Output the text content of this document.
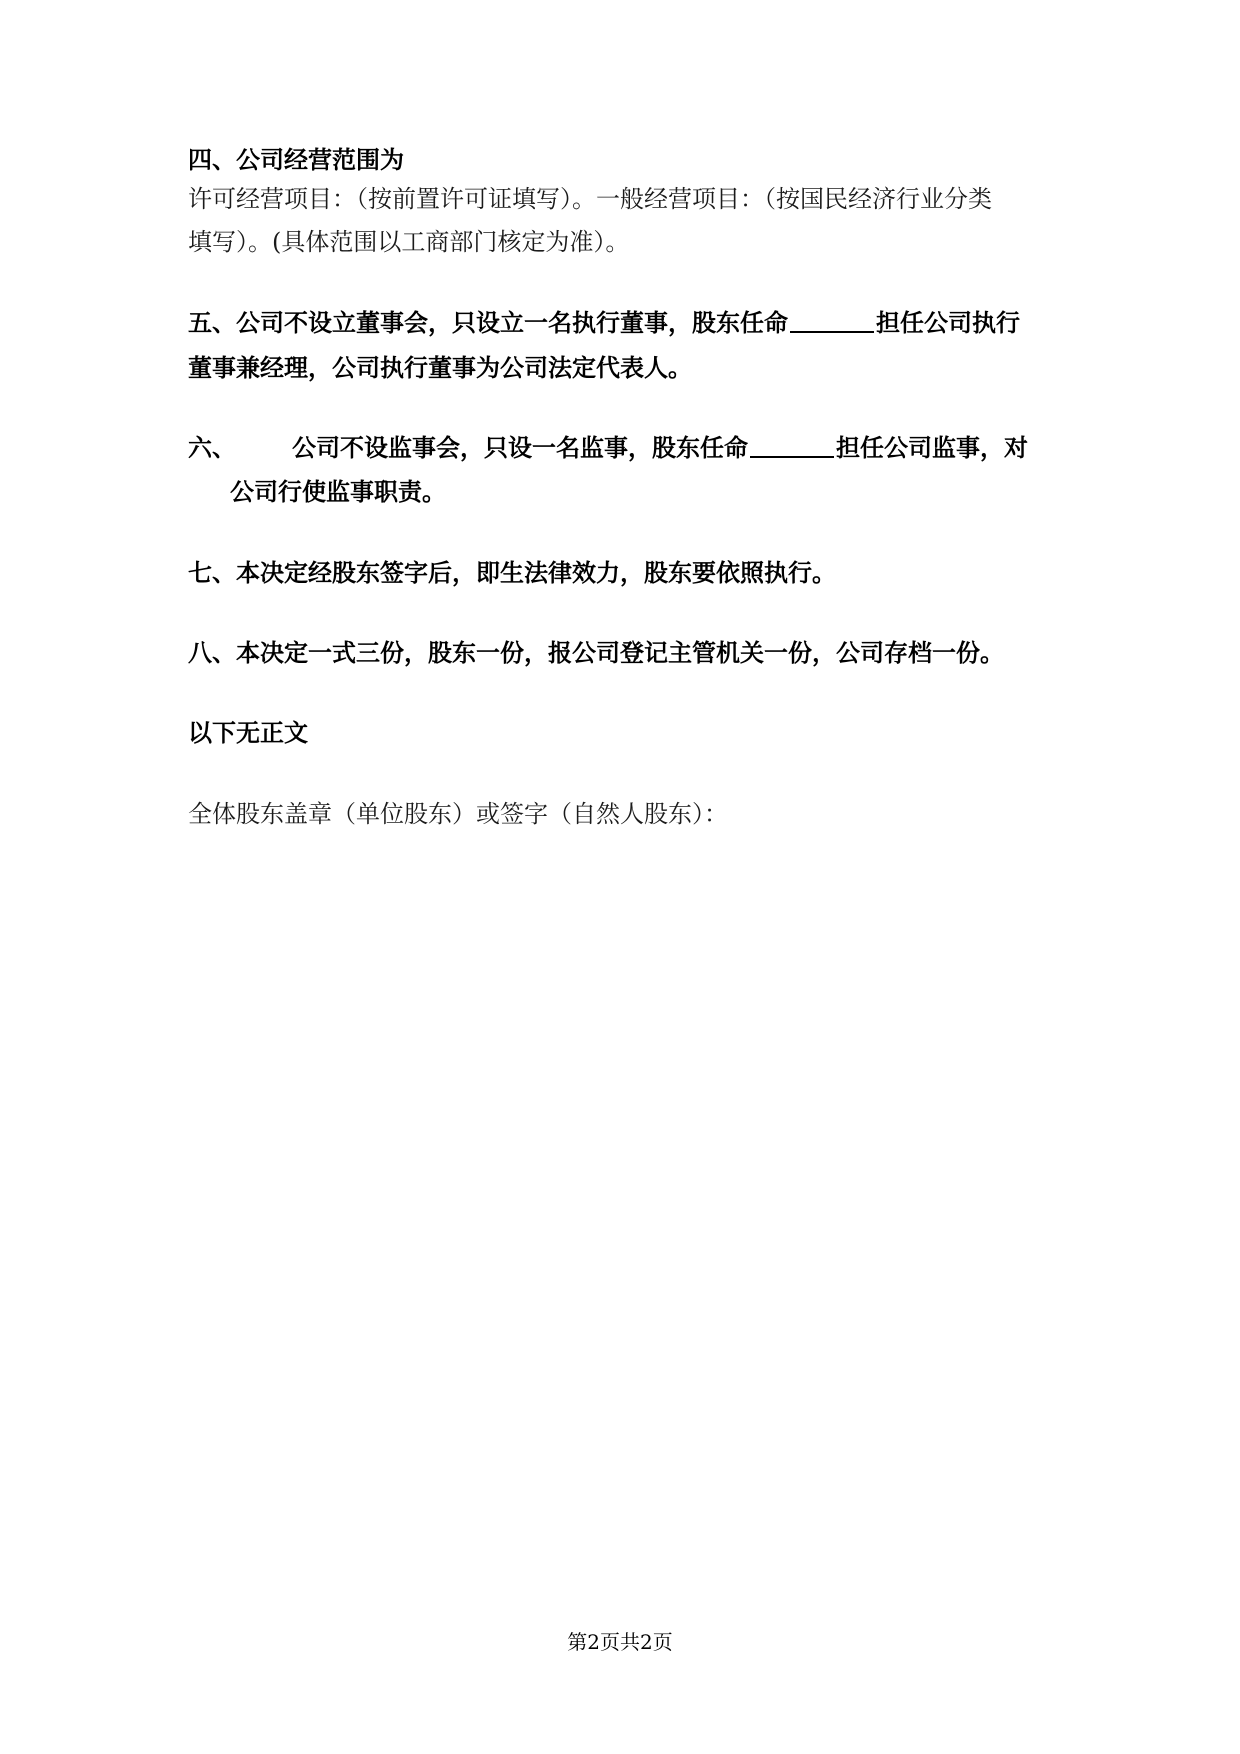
四、公司经营范围为
许可经营项目：（按前置许可证填写）。一般经营项目：（按国民经济行业分类
填写）。(具体范围以工商部门核定为准）。
五、公司不设立董事会，只设立一名执行董事，股东任命	担任公司执行
董事兼经理，公司执行董事为公司法定代表人。
六、 公司不设监事会，只设一名监事，股东任命	担任公司监事，对
公司行使监事职责。
七、本决定经股东签字后，即生法律效力，股东要依照执行。
八、本决定一式三份，股东一份，报公司登记主管机关一份，公司存档一份。
以下无正文
全体股东盖章（单位股东）或签字（自然人股东）：
第2页共2页
